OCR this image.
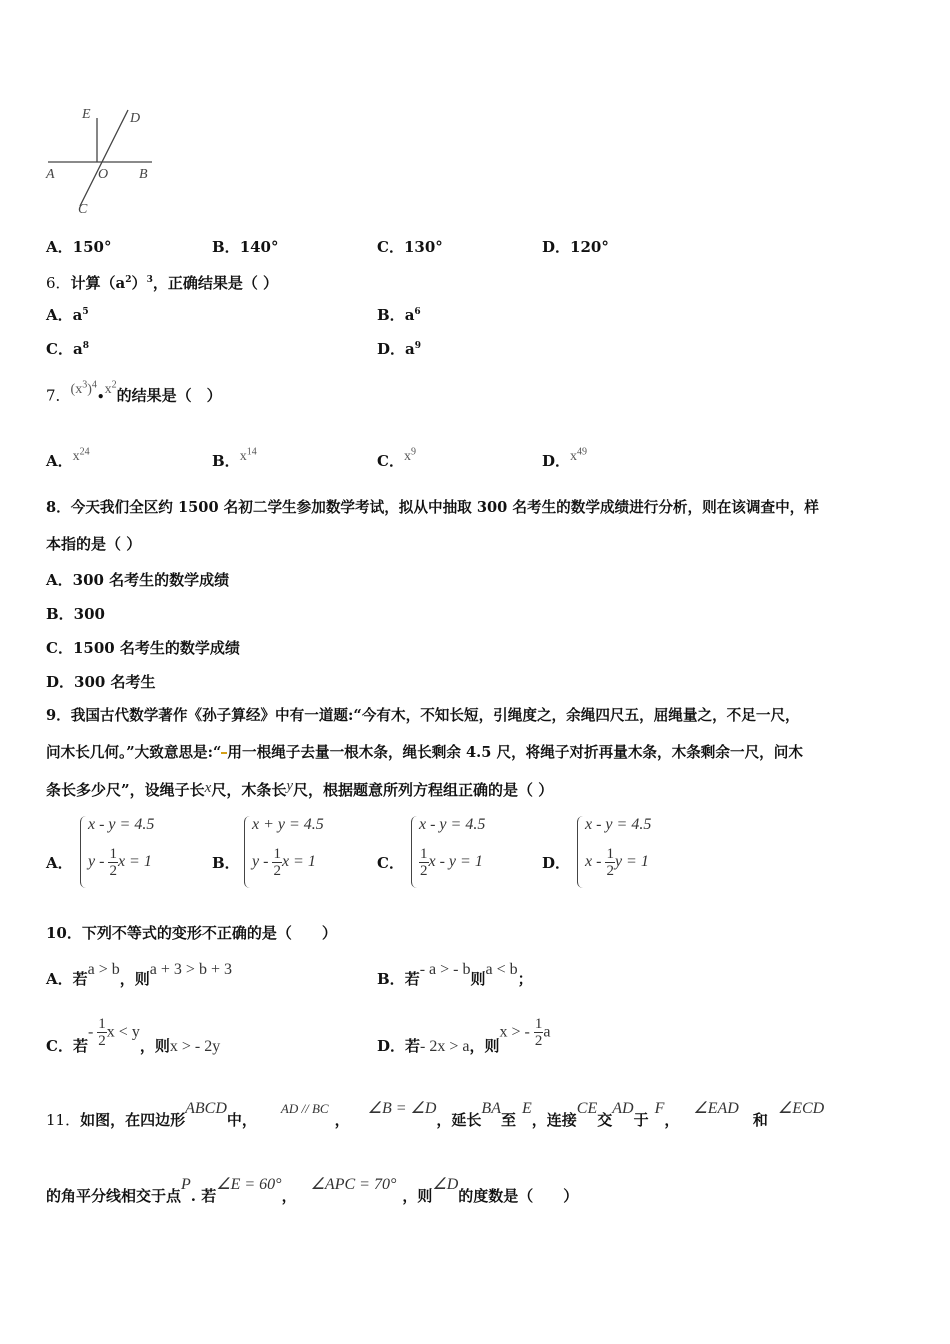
E	D
A	O B
C
A．150°	B．140°	C．130°	D．120°
6．计算$(a^2)^3$，正确结果是（ ）
A．$a^5$	B．$a^6$
C．$a^8$	D．$a^9$
7．$(x^3)^4•x^2$的结果是（　）
A．$x^{24}$
B．$x^{14}$
C．$x^9$
D．$x^{49}$
8．今天我们全区约 1500 名初二学生参加数学考试，拟从中抽取 300 名考生的数学成绩进行分析，则在该调查中，样
本指的是（ ）
A．300 名考生的数学成绩
B．300
C．1500 名考生的数学成绩
D．300 名考生
9．我国古代数学著作《孙子算经》中有一道题:“今有木，不知长短，引绳度之，余绳四尺五，屈绳量之，不足一尺，
问木长几何。”大致意思是:“ 用一根绳子去量一根木条，绳长剩余 4.5 尺，将绳子对折再量木条，木条剩余一尺，问木
条长多少尺”，设绳子长x尺，木条长y尺，根据题意所列方程组正确的是（ ）
A．
x - y = 4.5
y - $\frac{1}{2}$ x = 1	B．
x + y = 4.5
y - $\frac{1}{2}$ x = 1	C．
x - y = 4.5
$\frac{1}{2}$ x - y = 1	D．
x - y = 4.5
x - $\frac{1}{2}$ y = 1
10．下列不等式的变形不正确的是（　　）
A．若a > b，则a + 3 > b + 3
B．若- a > - b则a < b；
C．若- $\frac{1}{2}$ x < y，则x > - 2y	D．若- 2x > a，则x > - $\frac{1}{2}$ a
11．如图，在四边形ABCD中，AD // BC，∠B = ∠D，延长BA至E，连接CE交AD于F，∠EAD和∠ECD
的角平分线相交于点P. 若∠E = 60°，∠APC = 70°，则∠D的度数是（　　）
